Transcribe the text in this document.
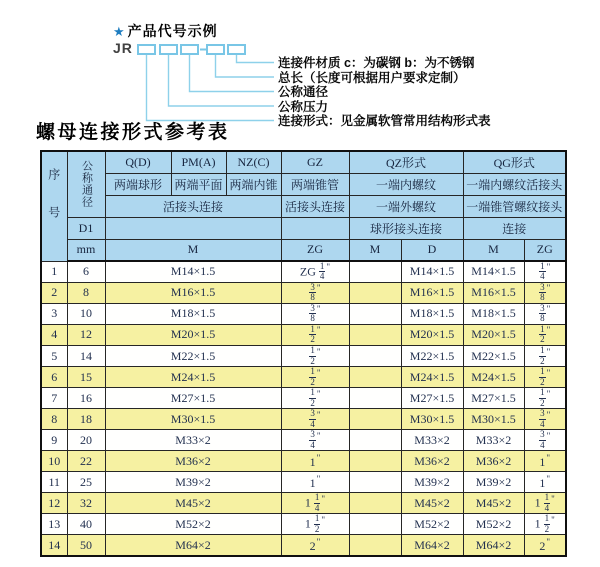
★ 产品代号示例
JR
连接件材质 c：为碳钢 b：为不锈钢
总长（长度可根据用户要求定制）
公称通径
公称压力
连接形式：见金属软管常用结构形式表
螺母连接形式参考表
序号	公称通径	Q(D)	PM(A)	NZ(C)	GZ	QZ形式		QG形式	
		两端球形	两端平面	两端内锥	两端锥管	一端内螺纹		一端内螺纹活接头	
		活接头连接			活接头连接	一端外螺纹		一端锥管螺纹接头	
	D1					球形接头连接		连接	
	mm	M			ZG	M	D	M	ZG
1	6	M14×1.5			ZG $\frac{1}{4} ^"$		M14×1.5	M14×1.5	$\frac{1}{4} ^"$
2	8	M16×1.5			$\frac{3}{8} ^"$		M16×1.5	M16×1.5	$\frac{3}{8} ^"$
3	10	M18×1.5			$\frac{3}{8} ^"$		M18×1.5	M18×1.5	$\frac{3}{8} ^"$
4	12	M20×1.5			$\frac{1}{2} ^"$		M20×1.5	M20×1.5	$\frac{1}{2} ^"$
5	14	M22×1.5			$\frac{1}{2} ^"$		M22×1.5	M22×1.5	$\frac{1}{2} ^"$
6	15	M24×1.5			$\frac{1}{2} ^"$		M24×1.5	M24×1.5	$\frac{1}{2} ^"$
7	16	M27×1.5			$\frac{1}{2} ^"$		M27×1.5	M27×1.5	$\frac{1}{2} ^"$
8	18	M30×1.5			$\frac{3}{4} ^"$		M30×1.5	M30×1.5	$\frac{3}{4} ^"$
9	20	M33×2			$\frac{3}{4} ^"$		M33×2	M33×2	$\frac{3}{4} ^"$
10	22	M36×2			1"		M36×2	M36×2	1"
11	25	M39×2			1"		M39×2	M39×2	1"
12	32	M45×2			$1 \frac{1}{4} ^"$		M45×2	M45×2	$1 \frac{1}{4} ^"$
13	40	M52×2			$1 \frac{1}{2} ^"$		M52×2	M52×2	$1 \frac{1}{2} ^"$
14	50	M64×2			2"		M64×2	M64×2	2"
